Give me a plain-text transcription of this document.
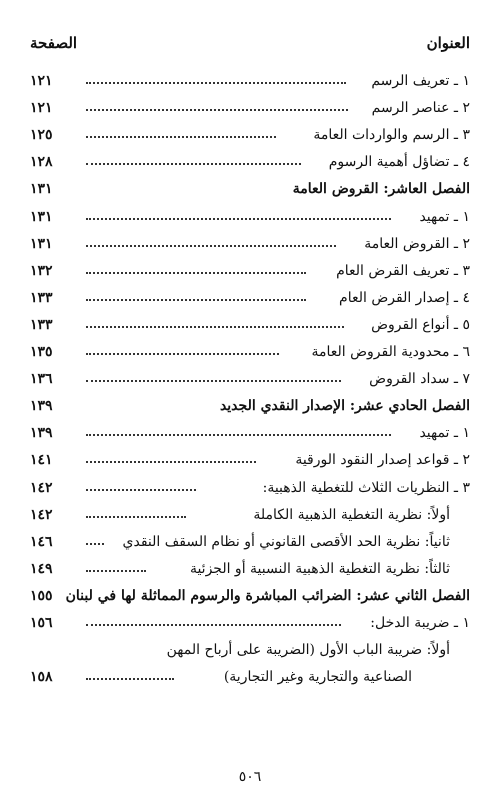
العنوان
الصفحة
١ ـ تعريف الرسم
١٢١
٢ ـ عناصر الرسم
١٢١
٣ ـ الرسم والواردات العامة
١٢٥
٤ ـ تضاؤل أهمية الرسوم
١٢٨
الفصل العاشر: القروض العامة
١٣١
١ ـ تمهيد
١٣١
٢ ـ القروض العامة
١٣١
٣ ـ تعريف القرض العام
١٣٢
٤ ـ إصدار القرض العام
١٣٣
٥ ـ أنواع القروض
١٣٣
٦ ـ محدودية القروض العامة
١٣٥
٧ ـ سداد القروض
١٣٦
الفصل الحادي عشر: الإصدار النقدي الجديد
١٣٩
١ ـ تمهيد
١٣٩
٢ ـ قواعد إصدار النقود الورقية
١٤١
٣ ـ النظريات الثلاث للتغطية الذهبية:
١٤٢
أولاً: نظرية التغطية الذهبية الكاملة
١٤٢
ثانياً: نظرية الحد الأقصى القانوني أو نظام السقف النقدي
١٤٦
ثالثاً: نظرية التغطية الذهبية النسبية أو الجزئية
١٤٩
الفصل الثاني عشر: الضرائب المباشرة والرسوم المماثلة لها في لبنان
١٥٥
١ ـ ضريبة الدخل:
١٥٦
أولاً: ضريبة الباب الأول (الضريبة على أرباح المهن
الصناعية والتجارية وغير التجارية)
١٥٨
٥٠٦
